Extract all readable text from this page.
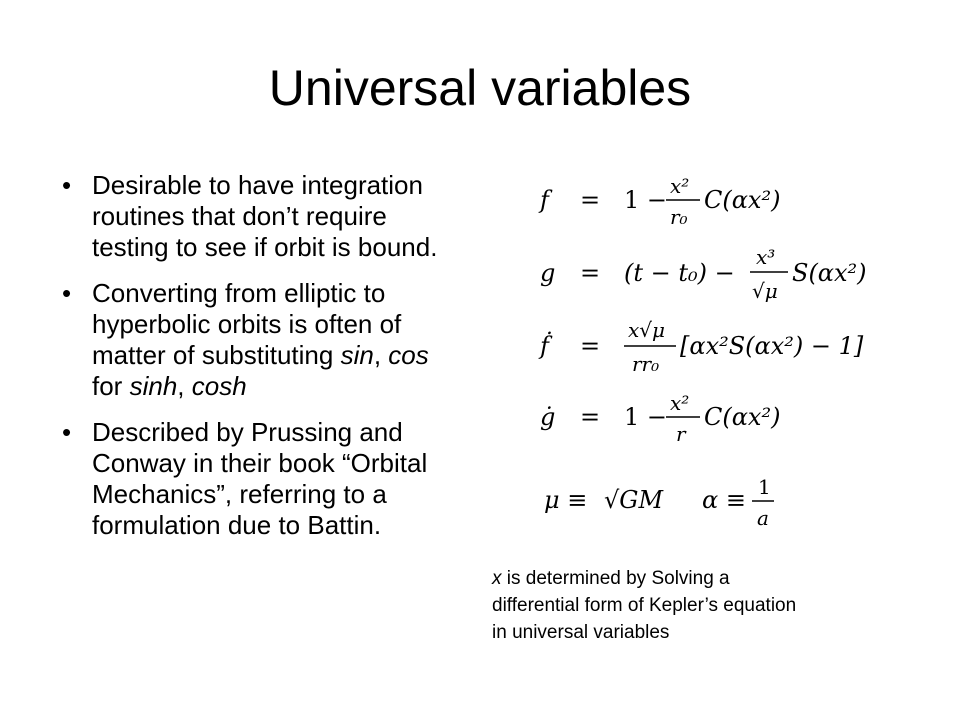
Universal variables
• Desirable to have integration routines that don’t require testing to see if orbit is bound.
• Converting from elliptic to hyperbolic orbits is often of matter of substituting sin, cos for sinh, cosh
• Described by Prussing and Conway in their book “Orbital Mechanics”, referring to a formulation due to Battin.
f = 1 − x²
r₀
C(αx²)
g = (t − t₀) −
x³
√μ
S(αx²)
ḟ =
x√μ
rr₀
[αx²S(αx²) − 1]
ġ = 1 − x²
r
C(αx²)
μ ≡ √GM α ≡ 1
a

x is determined by Solving a

differential form of Kepler’s equation

in universal variables
